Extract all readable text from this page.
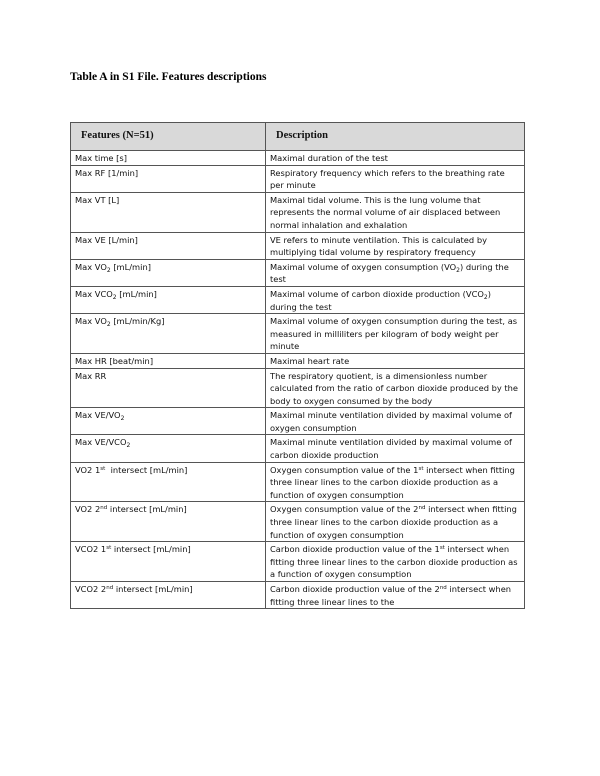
Table A in S1 File. Features descriptions
Features (N=51)	Description
Max time [s]	Maximal duration of the test
Max RF [1/min]	Respiratory frequency which refers to the breathing rate per minute
Max VT [L]	Maximal tidal volume. This is the lung volume that represents the normal volume of air displaced between normal inhalation and exhalation
Max VE [L/min]	VE refers to minute ventilation. This is calculated by multiplying tidal volume by respiratory frequency
Max $VO_2$ [mL/min]	Maximal volume of oxygen consumption $(VO_2)$ during the test
Max $VCO_2$ [mL/min]	Maximal volume of carbon dioxide production $(VCO_2)$ during the test
Max $VO_2$ [mL/min/Kg]	Maximal volume of oxygen consumption during the test, as measured in milliliters per kilogram of body weight per minute
Max HR [beat/min]	Maximal heart rate
Max RR	The respiratory quotient, is a dimensionless number calculated from the ratio of carbon dioxide produced by the body to oxygen consumed by the body
Max $VE/VO_2$	Maximal minute ventilation divided by maximal volume of oxygen consumption
Max $VE/VCO_2$	Maximal minute ventilation divided by maximal volume of carbon dioxide production
VO2 1st  intersect [mL/min]	Oxygen consumption value of the 1st intersect when fitting three linear lines to the carbon dioxide production as a function of oxygen consumption
VO2 2nd intersect [mL/min]	Oxygen consumption value of the 2nd intersect when fitting three linear lines to the carbon dioxide production as a function of oxygen consumption
VCO2 1st intersect [mL/min]	Carbon dioxide production value of the 1st intersect when fitting three linear lines to the carbon dioxide production as a function of oxygen consumption
VCO2 2nd intersect [mL/min]	Carbon dioxide production value of the 2nd intersect when fitting three linear lines to the
